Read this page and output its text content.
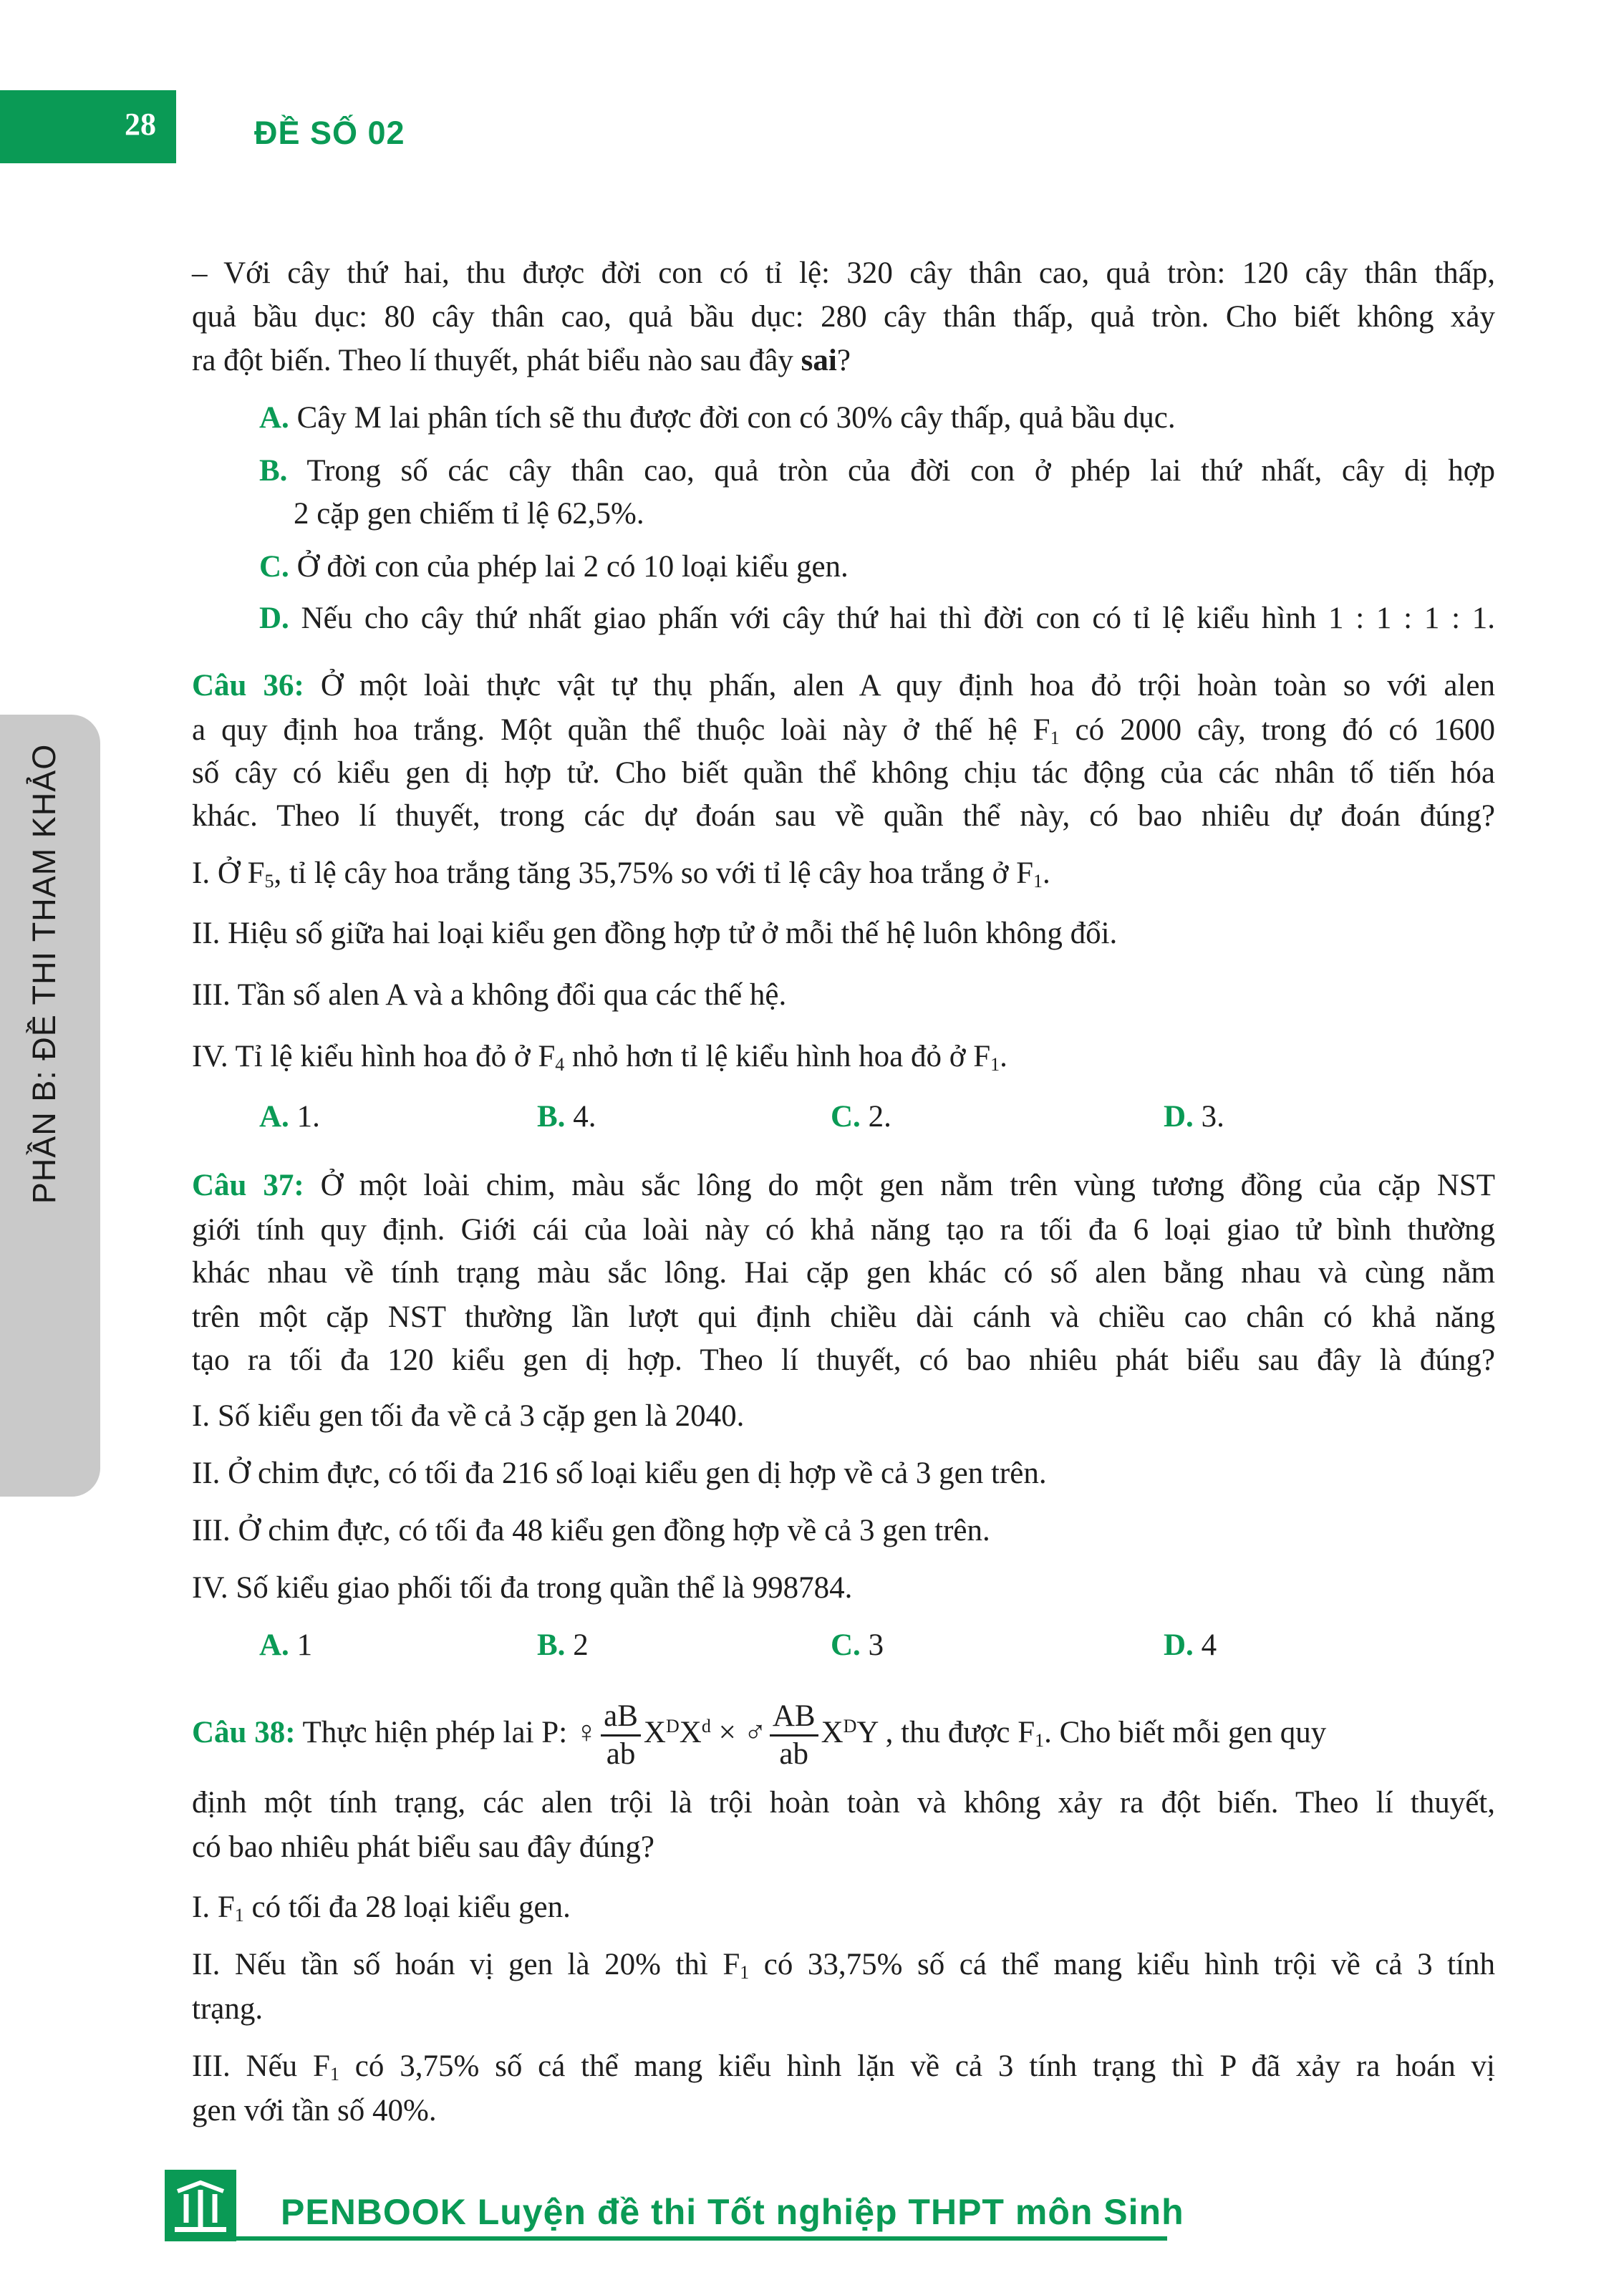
28	ĐỀ SỐ 02
PHẦN B: ĐỀ THI THAM KHẢO
– Với cây thứ hai, thu được đời con có tỉ lệ: 320 cây thân cao, quả tròn: 120 cây thân thấp,
quả bầu dục: 80 cây thân cao, quả bầu dục: 280 cây thân thấp, quả tròn. Cho biết không xảy
ra đột biến. Theo lí thuyết, phát biểu nào sau đây sai?
A. Cây M lai phân tích sẽ thu được đời con có 30% cây thấp, quả bầu dục.
B. Trong số các cây thân cao, quả tròn của đời con ở phép lai thứ nhất, cây dị hợp
2 cặp gen chiếm tỉ lệ 62,5%.
C. Ở đời con của phép lai 2 có 10 loại kiểu gen.
D. Nếu cho cây thứ nhất giao phấn với cây thứ hai thì đời con có tỉ lệ kiểu hình 1 : 1 : 1 : 1.
Câu 36: Ở một loài thực vật tự thụ phấn, alen A quy định hoa đỏ trội hoàn toàn so với alen
a quy định hoa trắng. Một quần thể thuộc loài này ở thế hệ $F_1$ có 2000 cây, trong đó có 1600
số cây có kiểu gen dị hợp tử. Cho biết quần thể không chịu tác động của các nhân tố tiến hóa
khác. Theo lí thuyết, trong các dự đoán sau về quần thể này, có bao nhiêu dự đoán đúng?
I. Ở $F_5$, tỉ lệ cây hoa trắng tăng 35,75% so với tỉ lệ cây hoa trắng ở $F_1$.
II. Hiệu số giữa hai loại kiểu gen đồng hợp tử ở mỗi thế hệ luôn không đổi.
III. Tần số alen A và a không đổi qua các thế hệ.
IV. Tỉ lệ kiểu hình hoa đỏ ở $F_4$ nhỏ hơn tỉ lệ kiểu hình hoa đỏ ở $F_1$.
A. 1.	B. 4.	C. 2.	D. 3.
Câu 37: Ở một loài chim, màu sắc lông do một gen nằm trên vùng tương đồng của cặp NST
giới tính quy định. Giới cái của loài này có khả năng tạo ra tối đa 6 loại giao tử bình thường
khác nhau về tính trạng màu sắc lông. Hai cặp gen khác có số alen bằng nhau và cùng nằm
trên một cặp NST thường lần lượt qui định chiều dài cánh và chiều cao chân có khả năng
tạo ra tối đa 120 kiểu gen dị hợp. Theo lí thuyết, có bao nhiêu phát biểu sau đây là đúng?
I. Số kiểu gen tối đa về cả 3 cặp gen là 2040.
II. Ở chim đực, có tối đa 216 số loại kiểu gen dị hợp về cả 3 gen trên.
III. Ở chim đực, có tối đa 48 kiểu gen đồng hợp về cả 3 gen trên.
IV. Số kiểu giao phối tối đa trong quần thể là 998784.
A. 1	B. 2	C. 3	D. 4
Câu 38: Thực hiện phép lai P: ♀ $\frac{aB}{ab} X^DX^d$ × ♂ $\frac{AB}{ab} X^DY$ , thu được $F_1$. Cho biết mỗi gen quy
định một tính trạng, các alen trội là trội hoàn toàn và không xảy ra đột biến. Theo lí thuyết,
có bao nhiêu phát biểu sau đây đúng?
I. $F_1$ có tối đa 28 loại kiểu gen.
II. Nếu tần số hoán vị gen là 20% thì $F_1$ có 33,75% số cá thể mang kiểu hình trội về cả 3 tính
trạng.
III. Nếu $F_1$ có 3,75% số cá thể mang kiểu hình lặn về cả 3 tính trạng thì P đã xảy ra hoán vị
gen với tần số 40%.
PENBOOK Luyện đề thi Tốt nghiệp THPT môn Sinh
